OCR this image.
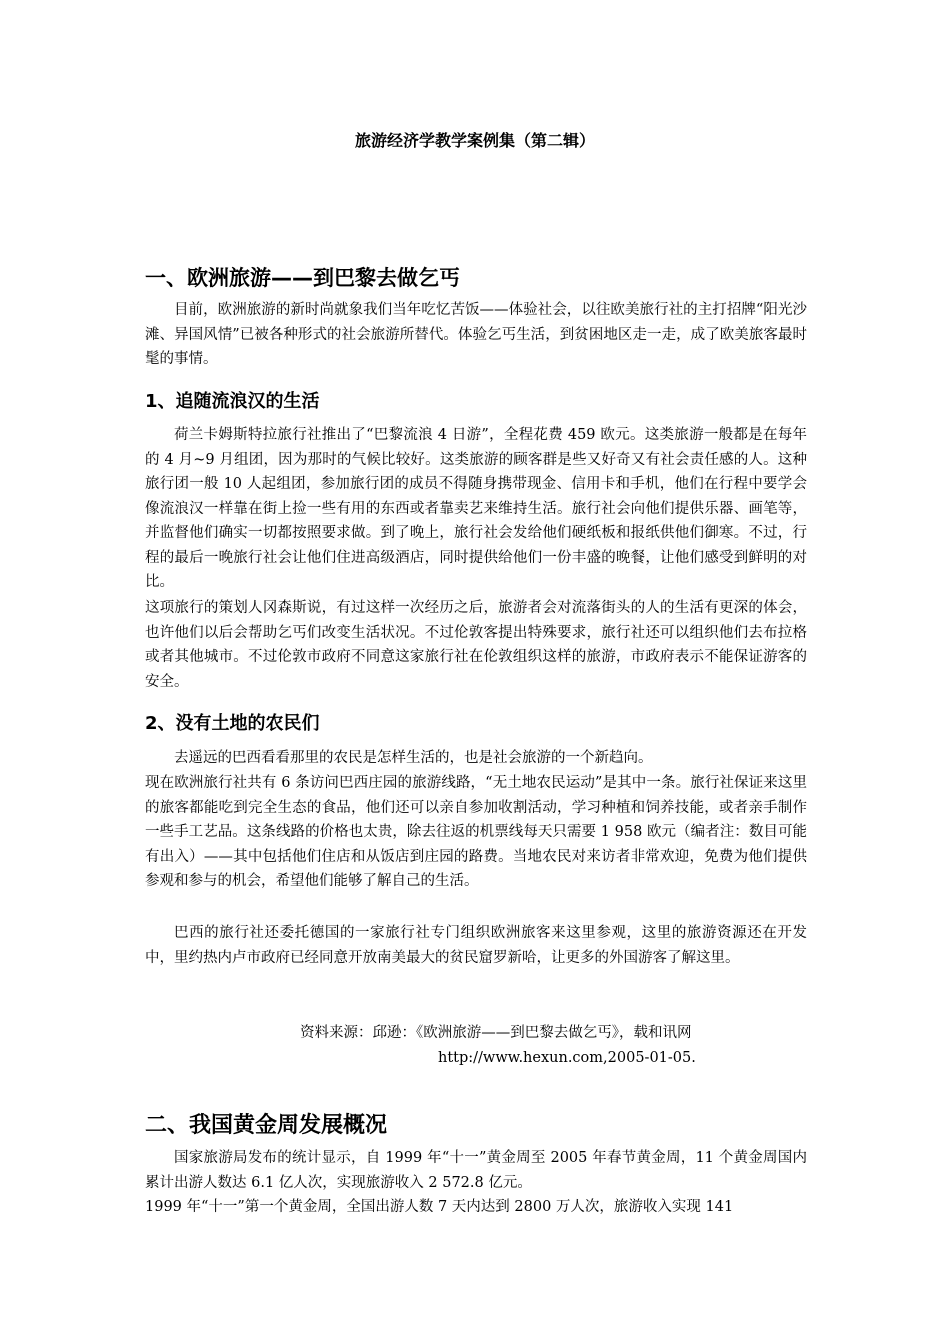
旅游经济学教学案例集（第二辑）
一、欧洲旅游——到巴黎去做乞丐
目前，欧洲旅游的新时尚就象我们当年吃忆苦饭——体验社会，以往欧美旅行社的主打招牌“阳光沙滩、异国风情”已被各种形式的社会旅游所替代。体验乞丐生活，到贫困地区走一走，成了欧美旅客最时髦的事情。
1、追随流浪汉的生活
荷兰卡姆斯特拉旅行社推出了“巴黎流浪 4 日游”，全程花费 459 欧元。这类旅游一般都是在每年的 4 月~9 月组团，因为那时的气候比较好。这类旅游的顾客群是些又好奇又有社会责任感的人。这种旅行团一般 10 人起组团，参加旅行团的成员不得随身携带现金、信用卡和手机，他们在行程中要学会像流浪汉一样靠在街上捡一些有用的东西或者靠卖艺来维持生活。旅行社会向他们提供乐器、画笔等，并监督他们确实一切都按照要求做。到了晚上，旅行社会发给他们硬纸板和报纸供他们御寒。不过，行程的最后一晚旅行社会让他们住进高级酒店，同时提供给他们一份丰盛的晚餐，让他们感受到鲜明的对比。
这项旅行的策划人冈森斯说，有过这样一次经历之后，旅游者会对流落街头的人的生活有更深的体会，也许他们以后会帮助乞丐们改变生活状况。不过伦敦客提出特殊要求，旅行社还可以组织他们去布拉格或者其他城市。不过伦敦市政府不同意这家旅行社在伦敦组织这样的旅游，市政府表示不能保证游客的安全。
2、没有土地的农民们
去遥远的巴西看看那里的农民是怎样生活的，也是社会旅游的一个新趋向。
现在欧洲旅行社共有 6 条访问巴西庄园的旅游线路，“无土地农民运动”是其中一条。旅行社保证来这里的旅客都能吃到完全生态的食品，他们还可以亲自参加收割活动，学习种植和饲养技能，或者亲手制作一些手工艺品。这条线路的价格也太贵，除去往返的机票线每天只需要 1 958 欧元（编者注：数目可能有出入）——其中包括他们住店和从饭店到庄园的路费。当地农民对来访者非常欢迎，免费为他们提供参观和参与的机会，希望他们能够了解自己的生活。
巴西的旅行社还委托德国的一家旅行社专门组织欧洲旅客来这里参观，这里的旅游资源还在开发中，里约热内卢市政府已经同意开放南美最大的贫民窟罗新哈，让更多的外国游客了解这里。
资料来源：邱逊：《欧洲旅游——到巴黎去做乞丐》，载和讯网
http://www.hexun.com,2005-01-05.
二、我国黄金周发展概况
国家旅游局发布的统计显示，自 1999 年“十一”黄金周至 2005 年春节黄金周，11 个黄金周国内累计出游人数达 6.1 亿人次，实现旅游收入 2 572.8 亿元。
1999 年“十一”第一个黄金周，全国出游人数 7 天内达到 2800 万人次，旅游收入实现 141
